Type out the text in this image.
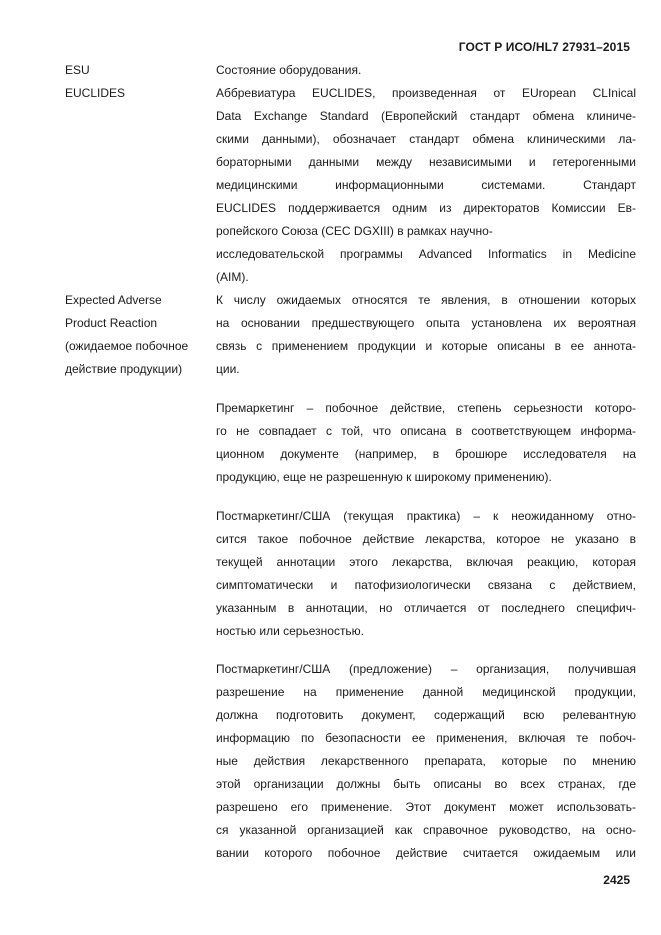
ГОСТ Р ИСО/HL7 27931–2015
ESU	Состояние оборудования.
EUCLIDES	Аббревиатура EUCLIDES, произведенная от EUropean CLInical
Data Exchange Standard (Европейский стандарт обмена клиниче-
скими данными), обозначает стандарт обмена клиническими ла-
бораторными данными между независимыми и гетерогенными
медицинскими информационными системами. Стандарт
EUCLIDES поддерживается одним из директоратов Комиссии Ев-
ропейского Союза (CEC DGXIII) в рамках научно-
исследовательской программы Advanced Informatics in Medicine
(AIM).
Expected Adverse
Product Reaction
(ожидаемое побочное
действие продукции)
К числу ожидаемых относятся те явления, в отношении которых
на основании предшествующего опыта установлена их вероятная
связь с применением продукции и которые описаны в ее аннота-
ции.
Премаркетинг – побочное действие, степень серьезности которо-
го не совпадает с той, что описана в соответствующем информа-
ционном документе (например, в брошюре исследователя на
продукцию, еще не разрешенную к широкому применению).
Постмаркетинг/США (текущая практика) – к неожиданному отно-
сится такое побочное действие лекарства, которое не указано в
текущей аннотации этого лекарства, включая реакцию, которая
симптоматически и патофизиологически связана с действием,
указанным в аннотации, но отличается от последнего специфич-
ностью или серьезностью.
Постмаркетинг/США (предложение) – организация, получившая
разрешение на применение данной медицинской продукции,
должна подготовить документ, содержащий всю релевантную
информацию по безопасности ее применения, включая те побоч-
ные действия лекарственного препарата, которые по мнению
этой организации должны быть описаны во всех странах, где
разрешено его применение. Этот документ может использовать-
ся указанной организацией как справочное руководство, на осно-
вании которого побочное действие считается ожидаемым или
2425
